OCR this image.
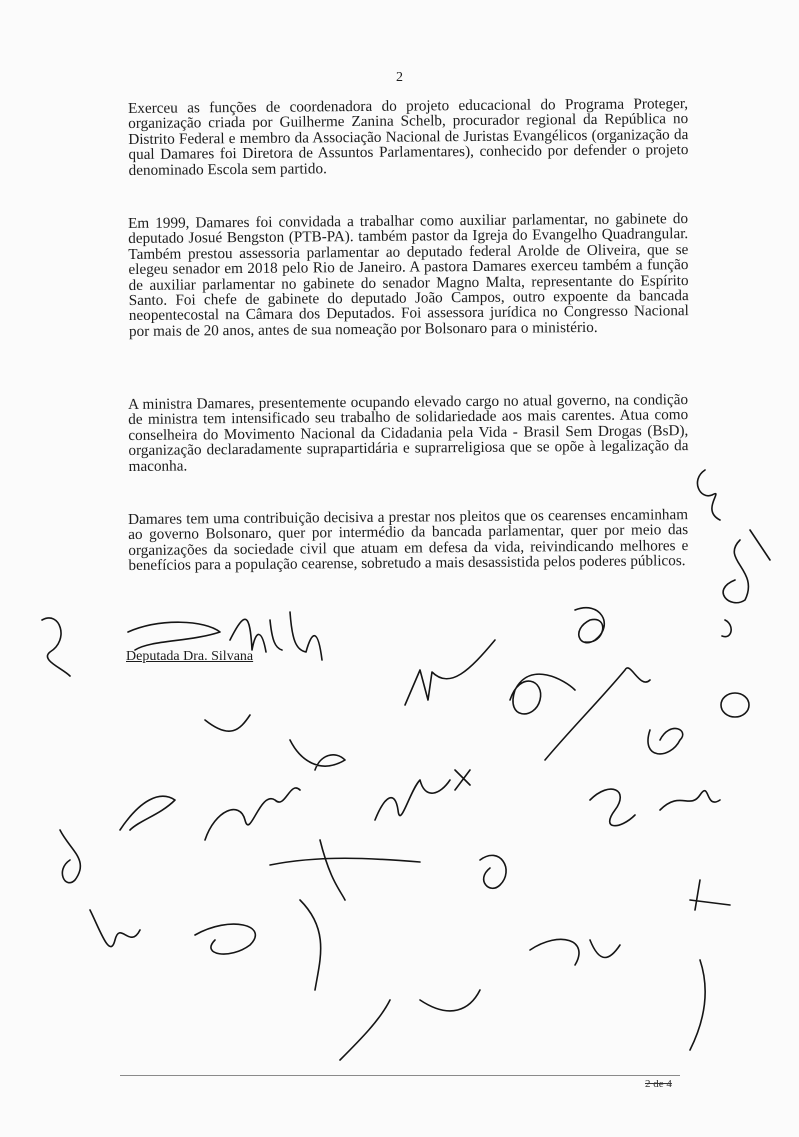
2

Exerceu as funções de coordenadora do projeto educacional do Programa Proteger, organização criada por Guilherme Zanina Schelb, procurador regional da República no Distrito Federal e membro da Associação Nacional de Juristas Evangélicos (organização da qual Damares foi Diretora de Assuntos Parlamentares), conhecido por defender o projeto denominado Escola sem partido.

Em 1999, Damares foi convidada a trabalhar como auxiliar parlamentar, no gabinete do deputado Josué Bengston (PTB-PA). também pastor da Igreja do Evangelho Quadrangular. Também prestou assessoria parlamentar ao deputado federal Arolde de Oliveira, que se elegeu senador em 2018 pelo Rio de Janeiro. A pastora Damares exerceu também a função de auxiliar parlamentar no gabinete do senador Magno Malta, representante do Espírito Santo. Foi chefe de gabinete do deputado João Campos, outro expoente da bancada neopentecostal na Câmara dos Deputados. Foi assessora jurídica no Congresso Nacional por mais de 20 anos, antes de sua nomeação por Bolsonaro para o ministério.

A ministra Damares, presentemente ocupando elevado cargo no atual governo, na condição de ministra tem intensificado seu trabalho de solidariedade aos mais carentes. Atua como conselheira do Movimento Nacional da Cidadania pela Vida - Brasil Sem Drogas (BsD), organização declaradamente suprapartidária e suprarreligiosa que se opõe à legalização da maconha.

Damares tem uma contribuição decisiva a prestar nos pleitos que os cearenses encaminham ao governo Bolsonaro, quer por intermédio da bancada parlamentar, quer por meio das organizações da sociedade civil que atuam em defesa da vida, reivindicando melhores e benefícios para a população cearense, sobretudo a mais desassistida pelos poderes públicos.

Deputada Dra. Silvana
2 de 4
